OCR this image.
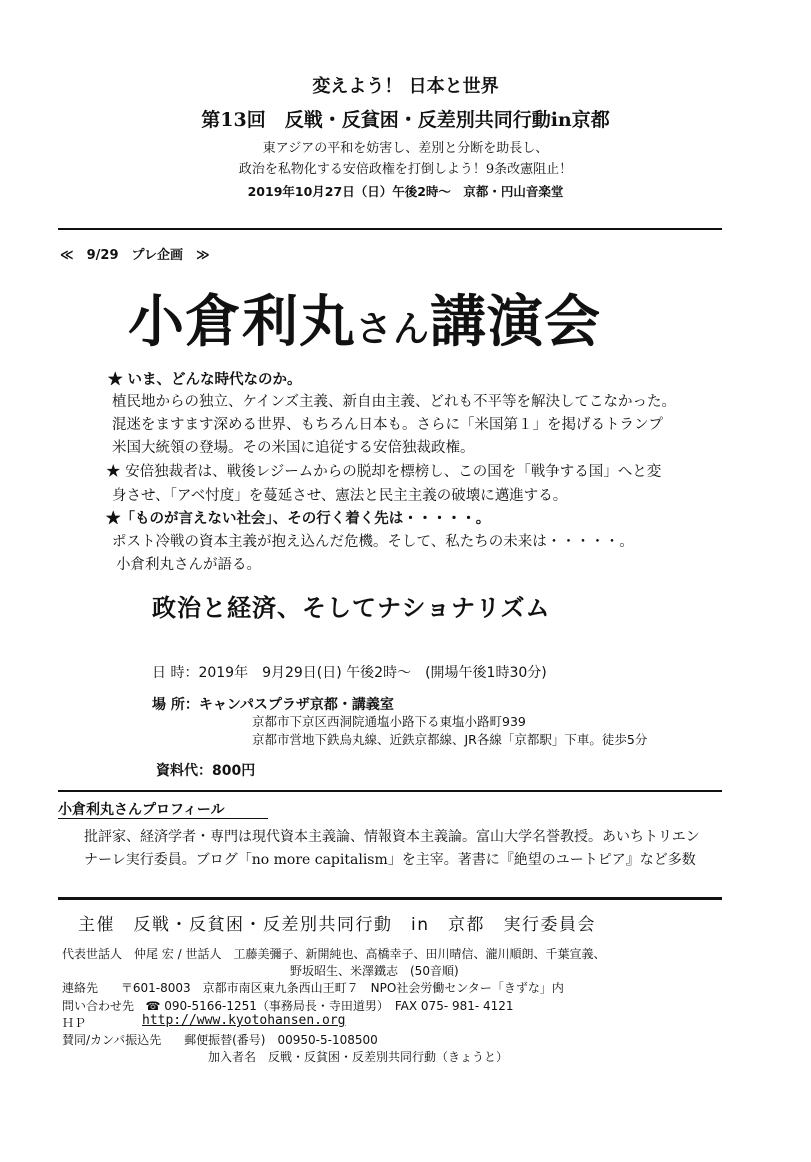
変えよう！ 日本と世界
第13回　反戦・反貧困・反差別共同行動in京都
東アジアの平和を妨害し、差別と分断を助長し、
政治を私物化する安倍政権を打倒しよう！9条改憲阻止！
2019年10月27日（日）午後2時～　京都・円山音楽堂
≪　9/29　プレ企画　≫
小倉利丸さん講演会
★ いま、どんな時代なのか。
植民地からの独立、ケインズ主義、新自由主義、どれも不平等を解決してこなかった。
混迷をますます深める世界、もちろん日本も。さらに「米国第１」を掲げるトランプ
米国大統領の登場。その米国に追従する安倍独裁政権。
★ 安倍独裁者は、戦後レジームからの脱却を標榜し、この国を「戦争する国」へと変
身させ、「アベ忖度」を蔓延させ、憲法と民主主義の破壊に邁進する。
★「ものが言えない社会」、その行く着く先は・・・・・。
ポスト冷戦の資本主義が抱え込んだ危機。そして、私たちの未来は・・・・・。
小倉利丸さんが語る。
政治と経済、そしてナショナリズム
日 時：2019年　9月29日(日) 午後2時～　(開場午後1時30分)
場 所：キャンパスプラザ京都・講義室
京都市下京区西洞院通塩小路下る東塩小路町939
京都市営地下鉄烏丸線、近鉄京都線、JR各線「京都駅」下車。徒歩5分
資料代：800円
小倉利丸さんプロフィール
批評家、経済学者・専門は現代資本主義論、情報資本主義論。富山大学名誉教授。あいちトリエン
ナーレ実行委員。ブログ「no more capitalism」を主宰。著書に『絶望のユートピア』など多数
主催　反戦・反貧困・反差別共同行動　in　京都　実行委員会
代表世話人　仲尾 宏 / 世話人　工藤美彌子、新開純也、高橋幸子、田川晴信、瀧川順朗、千葉宣義、
野坂昭生、米澤鐵志　(50音順)
連絡先 〒601-8003　京都市南区東九条西山王町７　NPO社会労働センター「きずな」内
問い合わせ先 ☎ 090-5166-1251（事務局長・寺田道男）　FAX 075- 981- 4121
ＨＰ	http://www.kyotohansen.org
賛同/カンパ振込先 郵便振替(番号)　00950-5-108500
加入者名　反戦・反貧困・反差別共同行動（きょうと）
